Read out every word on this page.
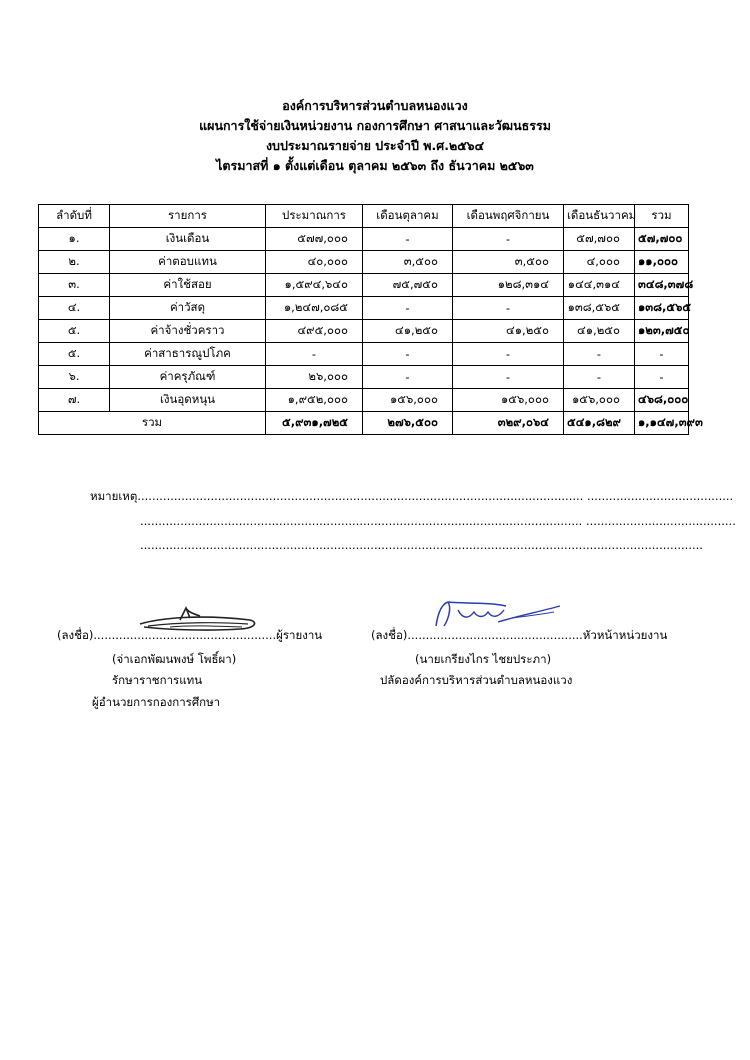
องค์การบริหารส่วนตำบลหนองแวง
แผนการใช้จ่ายเงินหน่วยงาน กองการศึกษา ศาสนาและวัฒนธรรม
งบประมาณรายจ่าย ประจำปี พ.ศ.๒๕๖๔
ไตรมาสที่ ๑ ตั้งแต่เดือน ตุลาคม ๒๕๖๓ ถึง ธันวาคม ๒๕๖๓
ลำดับที่	รายการ	ประมาณการ	เดือนตุลาคม	เดือนพฤศจิกายน	เดือนธันวาคม	รวม
๑.	เงินเดือน	๕๗๗,๐๐๐	-	-	๕๗,๗๐๐	๕๗,๗๐๐
๒.	ค่าตอบแทน	๔๐,๐๐๐	๓,๕๐๐	๓,๕๐๐	๔,๐๐๐	๑๑,๐๐๐
๓.	ค่าใช้สอย	๑,๕๙๔,๖๔๐	๗๕,๗๕๐	๑๒๘,๓๑๔	๑๔๔,๓๑๔	๓๔๘,๓๗๘
๔.	ค่าวัสดุ	๑,๒๔๗,๐๘๕	-	-	๑๓๘,๕๖๕	๑๓๘,๕๖๕
๕.	ค่าจ้างชั่วคราว	๔๙๕,๐๐๐	๔๑,๒๕๐	๔๑,๒๕๐	๔๑,๒๕๐	๑๒๓,๗๕๐
๕.	ค่าสาธารณูปโภค	-	-	-	-	-
๖.	ค่าครุภัณฑ์	๒๖,๐๐๐	-	-	-	-
๗.	เงินอุดหนุน	๑,๙๕๒,๐๐๐	๑๕๖,๐๐๐	๑๕๖,๐๐๐	๑๕๖,๐๐๐	๔๖๘,๐๐๐
รวม		๕,๙๓๑,๗๒๕	๒๗๖,๕๐๐	๓๒๙,๐๖๔	๕๔๑,๘๒๙	๑,๑๔๗,๓๙๓
หมายเหตุ.......................................................................................................................... ........................................
......................................................................................................................... .........................................
..........................................................................................................................................................
(ลงชื่อ)..................................................ผู้รายงาน
(จ่าเอกพัฒนพงษ์ โพธิ์ผา)
รักษาราชการแทน
ผู้อำนวยการกองการศึกษา
(ลงชื่อ)................................................หัวหน้าหน่วยงาน
(นายเกรียงไกร ไชยประภา)
ปลัดองค์การบริหารส่วนตำบลหนองแวง
